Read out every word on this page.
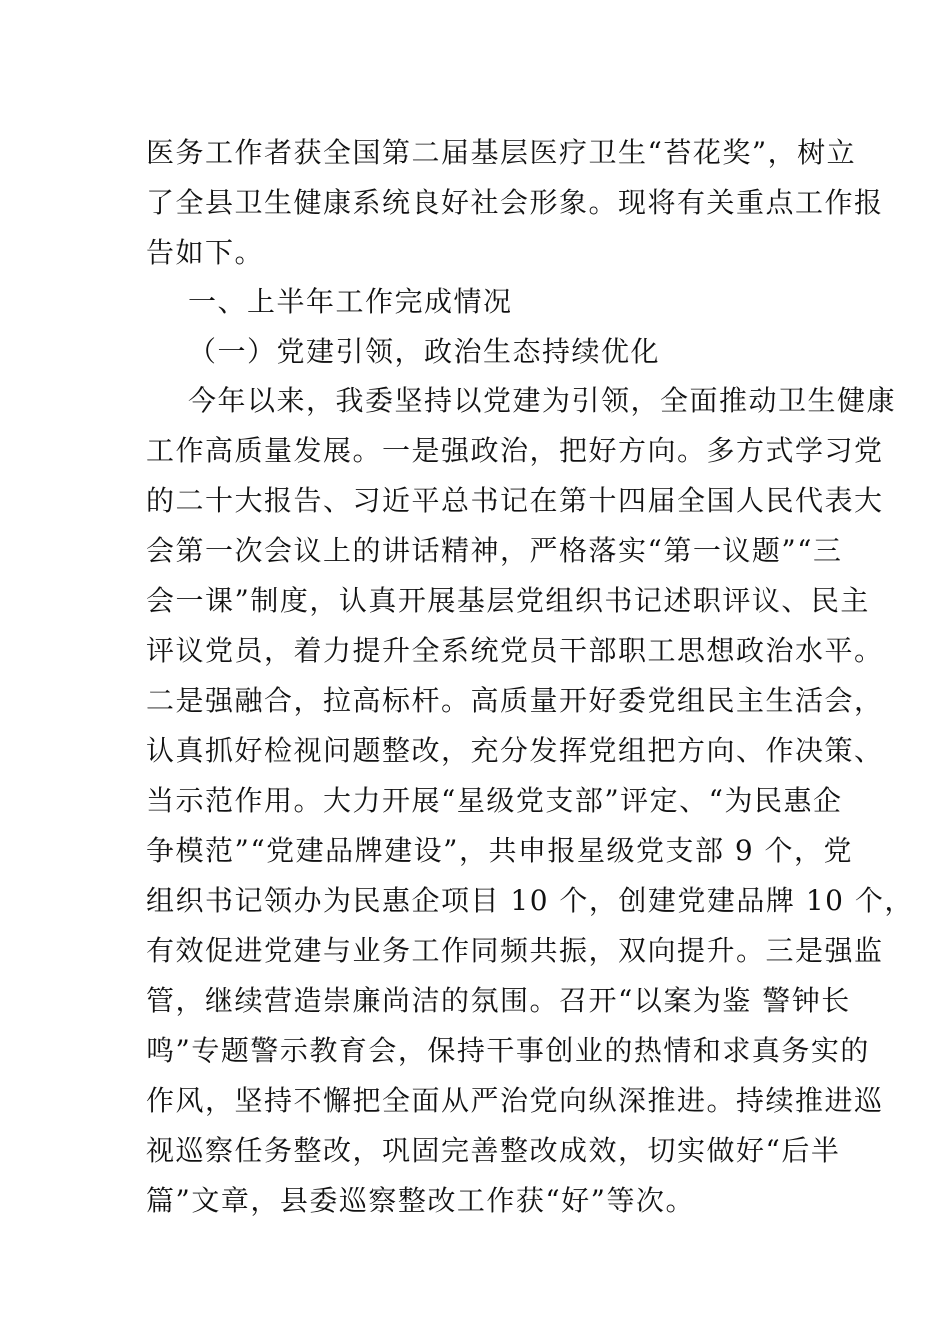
医务工作者获全国第二届基层医疗卫生“苔花奖”，树立
了全县卫生健康系统良好社会形象。现将有关重点工作报
告如下。
一、上半年工作完成情况
（一）党建引领，政治生态持续优化
今年以来，我委坚持以党建为引领，全面推动卫生健康
工作高质量发展。一是强政治，把好方向。多方式学习党
的二十大报告、习近平总书记在第十四届全国人民代表大
会第一次会议上的讲话精神，严格落实“第一议题”“三
会一课”制度，认真开展基层党组织书记述职评议、民主
评议党员，着力提升全系统党员干部职工思想政治水平。
二是强融合，拉高标杆。高质量开好委党组民主生活会，
认真抓好检视问题整改，充分发挥党组把方向、作决策、
当示范作用。大力开展“星级党支部”评定、“为民惠企
争模范”“党建品牌建设”，共申报星级党支部 9 个，党
组织书记领办为民惠企项目 10 个，创建党建品牌 10 个，
有效促进党建与业务工作同频共振，双向提升。三是强监
管，继续营造崇廉尚洁的氛围。召开“以案为鉴 警钟长
鸣”专题警示教育会，保持干事创业的热情和求真务实的
作风，坚持不懈把全面从严治党向纵深推进。持续推进巡
视巡察任务整改，巩固完善整改成效，切实做好“后半
篇”文章，县委巡察整改工作获“好”等次。
